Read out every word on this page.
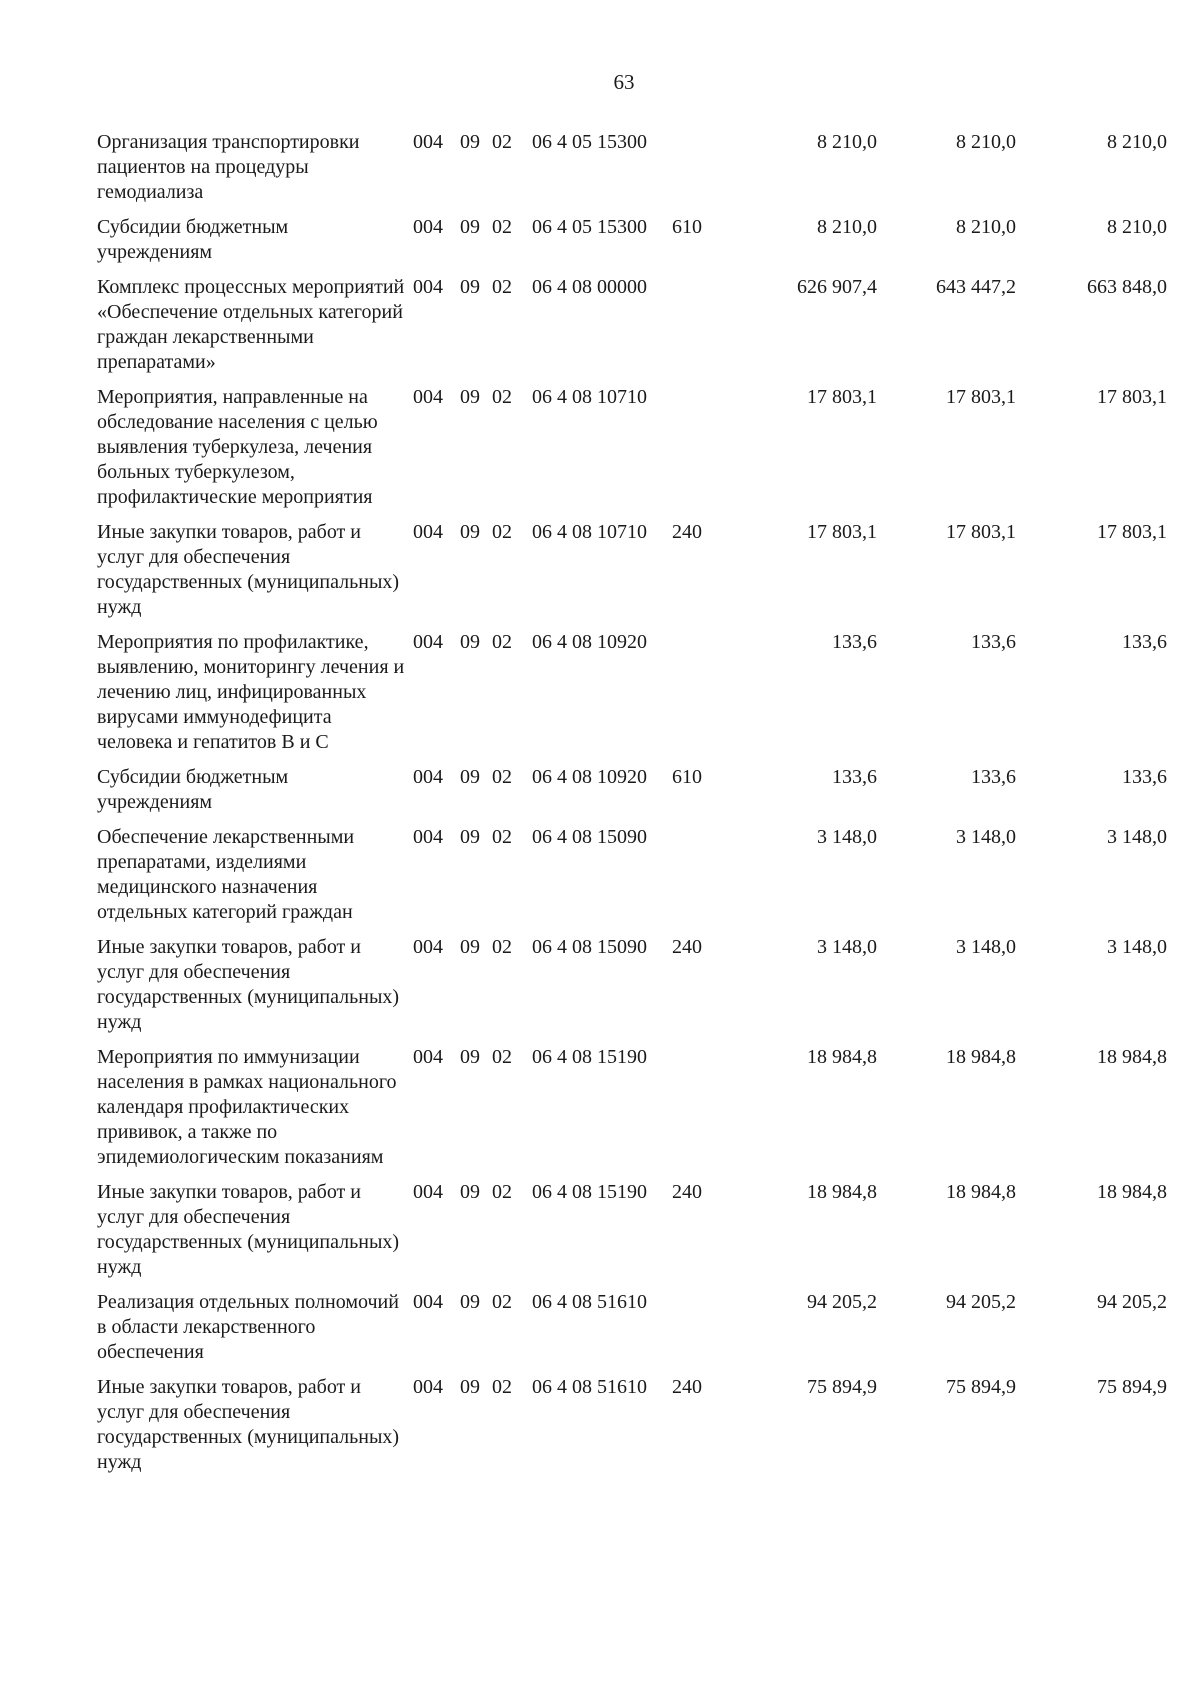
63
Организация транспортировки пациентов на процедуры гемодиализа	004	09	02	06 4 05 15300		8 210,0	8 210,0	8 210,0
Субсидии бюджетным учреждениям	004	09	02	06 4 05 15300	610	8 210,0	8 210,0	8 210,0
Комплекс процессных мероприятий «Обеспечение отдельных категорий граждан лекарственными препаратами»	004	09	02	06 4 08 00000		626 907,4	643 447,2	663 848,0
Мероприятия, направленные на обследование населения с целью выявления туберкулеза, лечения больных туберкулезом, профилактические мероприятия	004	09	02	06 4 08 10710		17 803,1	17 803,1	17 803,1
Иные закупки товаров, работ и услуг для обеспечения государственных (муниципальных) нужд	004	09	02	06 4 08 10710	240	17 803,1	17 803,1	17 803,1
Мероприятия по профилактике, выявлению, мониторингу лечения и лечению лиц, инфицированных вирусами иммунодефицита человека и гепатитов В и С	004	09	02	06 4 08 10920		133,6	133,6	133,6
Субсидии бюджетным учреждениям	004	09	02	06 4 08 10920	610	133,6	133,6	133,6
Обеспечение лекарственными препаратами, изделиями медицинского назначения отдельных категорий граждан	004	09	02	06 4 08 15090		3 148,0	3 148,0	3 148,0
Иные закупки товаров, работ и услуг для обеспечения государственных (муниципальных) нужд	004	09	02	06 4 08 15090	240	3 148,0	3 148,0	3 148,0
Мероприятия по иммунизации населения в рамках национального календаря профилактических прививок, а также по эпидемиологическим показаниям	004	09	02	06 4 08 15190		18 984,8	18 984,8	18 984,8
Иные закупки товаров, работ и услуг для обеспечения государственных (муниципальных) нужд	004	09	02	06 4 08 15190	240	18 984,8	18 984,8	18 984,8
Реализация отдельных полномочий в области лекарственного обеспечения	004	09	02	06 4 08 51610		94 205,2	94 205,2	94 205,2
Иные закупки товаров, работ и услуг для обеспечения государственных (муниципальных) нужд	004	09	02	06 4 08 51610	240	75 894,9	75 894,9	75 894,9
